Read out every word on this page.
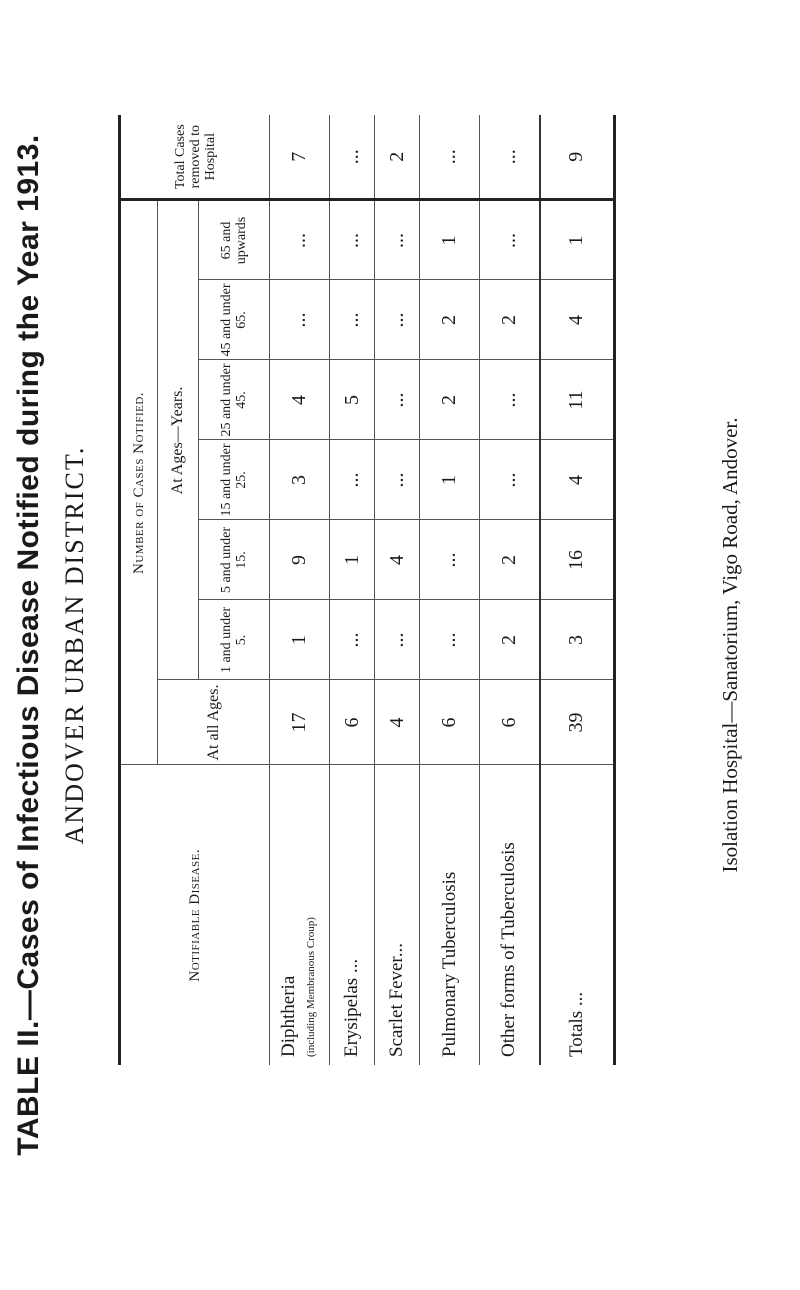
TABLE II.—Cases of Infectious Disease Notified during the Year 1913. ANDOVER URBAN DISTRICT.
Notifiable Disease.	Number of Cases Notified.							Total Cases removed to Hospital
	At all Ages.	At Ages—Years.						
		1 and under 5.	5 and under 15.	15 and under 25.	25 and under 45.	45 and under 65.	65 and upwards	
Diphtheria (including Membranous Croup)	17	1	9	3	4	...	...	7
Erysipelas ...	6	...	1	...	5	...	...	...
Scarlet Fever...	4	...	4	...	...	...	...	2
Pulmonary Tuberculosis	6	...	...	1	2	2	1	...
Other forms of Tuberculosis	6	2	2	...	...	2	...	...
Totals ...	39	3	16	4	11	4	1	9
Isolation Hospital—Sanatorium, Vigo Road, Andover.
